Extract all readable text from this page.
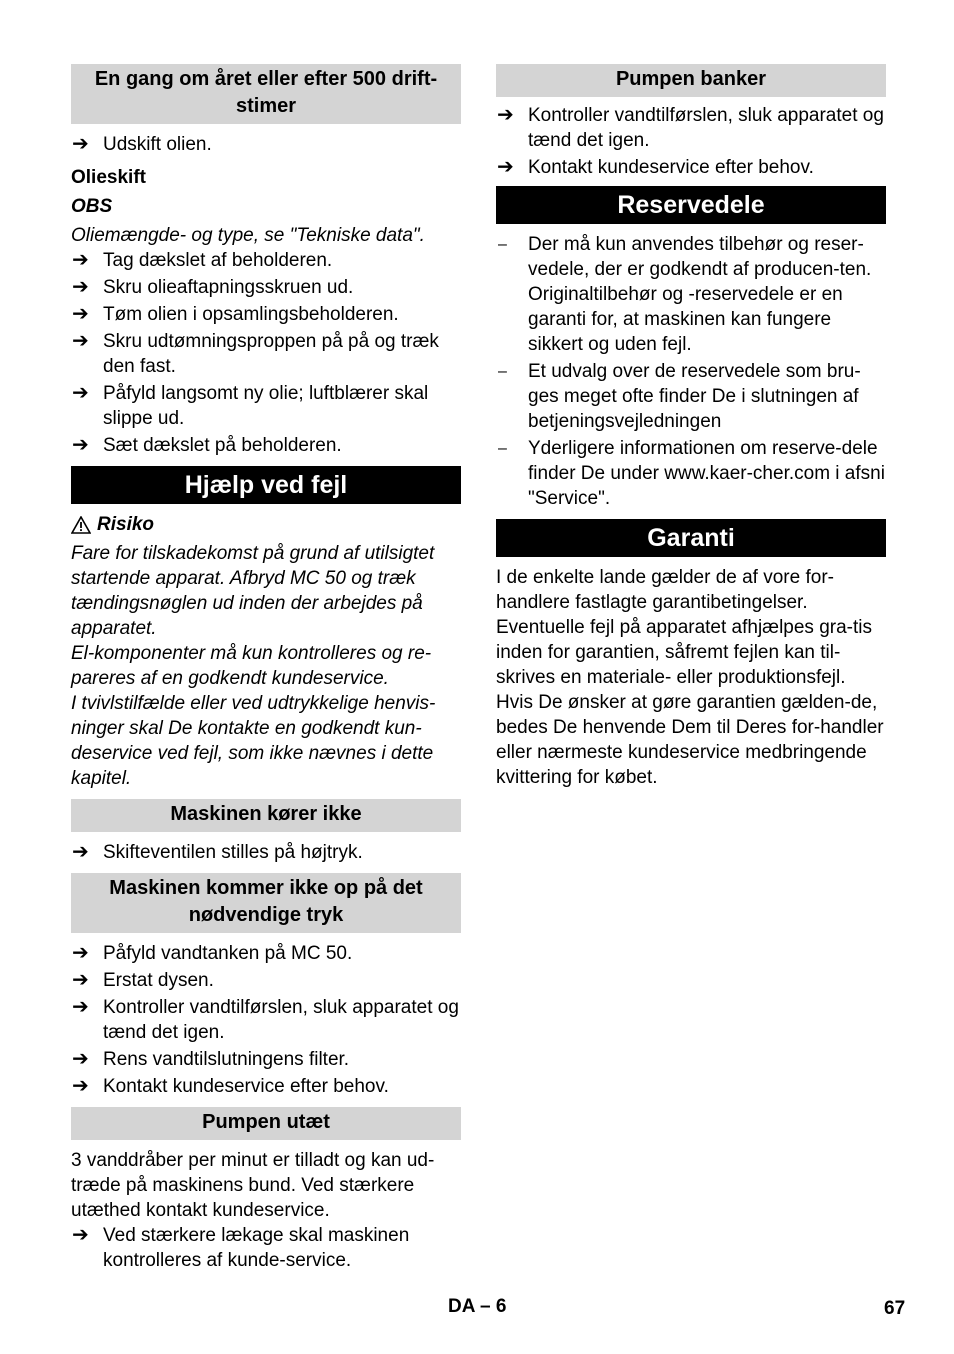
En gang om året eller efter 500 drift-stimer
➔ Udskift olien.

Olieskift

OBS

Oliemængde- og type, se "Tekniske data".

➔ Tag dækslet af beholderen.
➔ Skru olieaftapningsskruen ud.
➔ Tøm olien i opsamlingsbeholderen.
➔ Skru udtømningsproppen på på og træk den fast.
➔ Påfyld langsomt ny olie; luftblærer skal slippe ud.
➔ Sæt dækslet på beholderen.
Hjælp ved fejl
Risiko

Fare for tilskadekomst på grund af utilsigtet startende apparat. Afbryd MC 50 og træk tændingsnøglen ud inden der arbejdes på apparatet.

El-komponenter må kun kontrolleres og re-pareres af en godkendt kundeservice.

I tvivlstilfælde eller ved udtrykkelige henvis-ninger skal De kontakte en godkendt kun-deservice ved fejl, som ikke nævnes i dette kapitel.

Maskinen kører ikke
➔ Skifteventilen stilles på højtryk.
Maskinen kommer ikke op på det nødvendige tryk
➔ Påfyld vandtanken på MC 50.
➔ Erstat dysen.
➔ Kontroller vandtilførslen, sluk apparatet og tænd det igen.
➔ Rens vandtilslutningens filter.
➔ Kontakt kundeservice efter behov.
Pumpen utæt

3 vanddråber per minut er tilladt og kan ud-træde på maskinens bund. Ved stærkere utæthed kontakt kundeservice.

➔ Ved stærkere lækage skal maskinen kontrolleres af kunde-service.
Pumpen banker
➔ Kontroller vandtilførslen, sluk apparatet og tænd det igen.
➔ Kontakt kundeservice efter behov.
Reservedele
– Der må kun anvendes tilbehør og reser-vedele, der er godkendt af producen-ten. Originaltilbehør og -reservedele er en garanti for, at maskinen kan fungere sikkert og uden fejl.
– Et udvalg over de reservedele som bru-ges meget ofte finder De i slutningen af betjeningsvejledningen
– Yderligere informationen om reserve-dele finder De under www.kaer-cher.com i afsni "Service".
Garanti

I de enkelte lande gælder de af vore for-handlere fastlagte garantibetingelser. Eventuelle fejl på apparatet afhjælpes gra-tis inden for garantien, såfremt fejlen kan til-skrives en materiale- eller produktionsfejl. Hvis De ønsker at gøre garantien gælden-de, bedes De henvende Dem til Deres for-handler eller nærmeste kundeservice medbringende kvittering for købet.

DA – 6	67
